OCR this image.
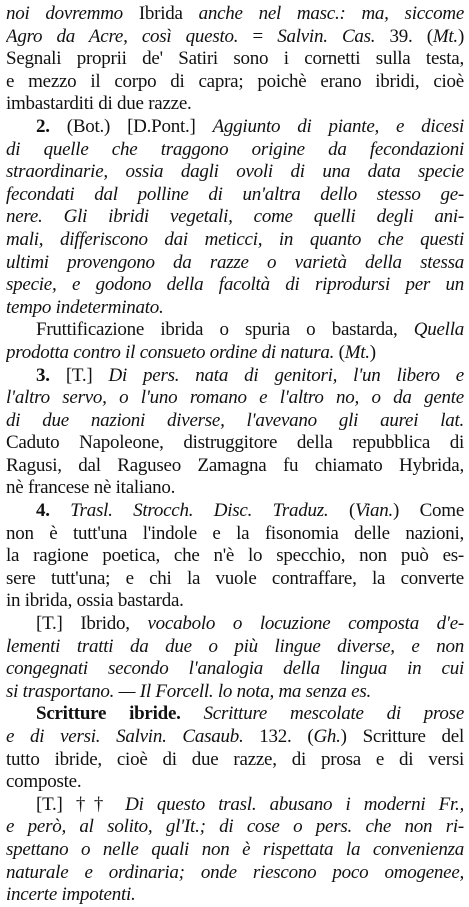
noi dovremmo Ibrida anche nel masc.: ma, siccome
Agro da Acre, così questo. = Salvin. Cas. 39. (Mt.)
Segnali proprii de' Satiri sono i cornetti sulla testa,
e mezzo il corpo di capra; poichè erano ibridi, cioè
imbastarditi di due razze.
2. (Bot.) [D.Pont.] Aggiunto di piante, e dicesi
di quelle che traggono origine da fecondazioni
straordinarie, ossia dagli ovoli di una data specie
fecondati dal polline di un'altra dello stesso ge-
nere. Gli ibridi vegetali, come quelli degli ani-
mali, differiscono dai meticci, in quanto che questi
ultimi provengono da razze o varietà della stessa
specie, e godono della facoltà di riprodursi per un
tempo indeterminato.
Fruttificazione ibrida o spuria o bastarda, Quella
prodotta contro il consueto ordine di natura. (Mt.)
3. [T.] Di pers. nata di genitori, l'un libero e
l'altro servo, o l'uno romano e l'altro no, o da gente
di due nazioni diverse, l'avevano gli aurei lat.
Caduto Napoleone, distruggitore della repubblica di
Ragusi, dal Raguseo Zamagna fu chiamato Hybrida,
nè francese nè italiano.
4. Trasl. Strocch. Disc. Traduz. (Vian.) Come
non è tutt'una l'indole e la fisonomia delle nazioni,
la ragione poetica, che n'è lo specchio, non può es-
sere tutt'una; e chi la vuole contraffare, la converte
in ibrida, ossia bastarda.
[T.] Ibrido, vocabolo o locuzione composta d'e-
lementi tratti da due o più lingue diverse, e non
congegnati secondo l'analogia della lingua in cui
si trasportano. — Il Forcell. lo nota, ma senza es.
Scritture ibride. Scritture mescolate di prose
e di versi. Salvin. Casaub. 132. (Gh.) Scritture del
tutto ibride, cioè di due razze, di prosa e di versi
composte.
[T.] †† Di questo trasl. abusano i moderni Fr.,
e però, al solito, gl'It.; di cose o pers. che non ri-
spettano o nelle quali non è rispettata la convenienza
naturale e ordinaria; onde riescono poco omogenee,
incerte impotenti.
